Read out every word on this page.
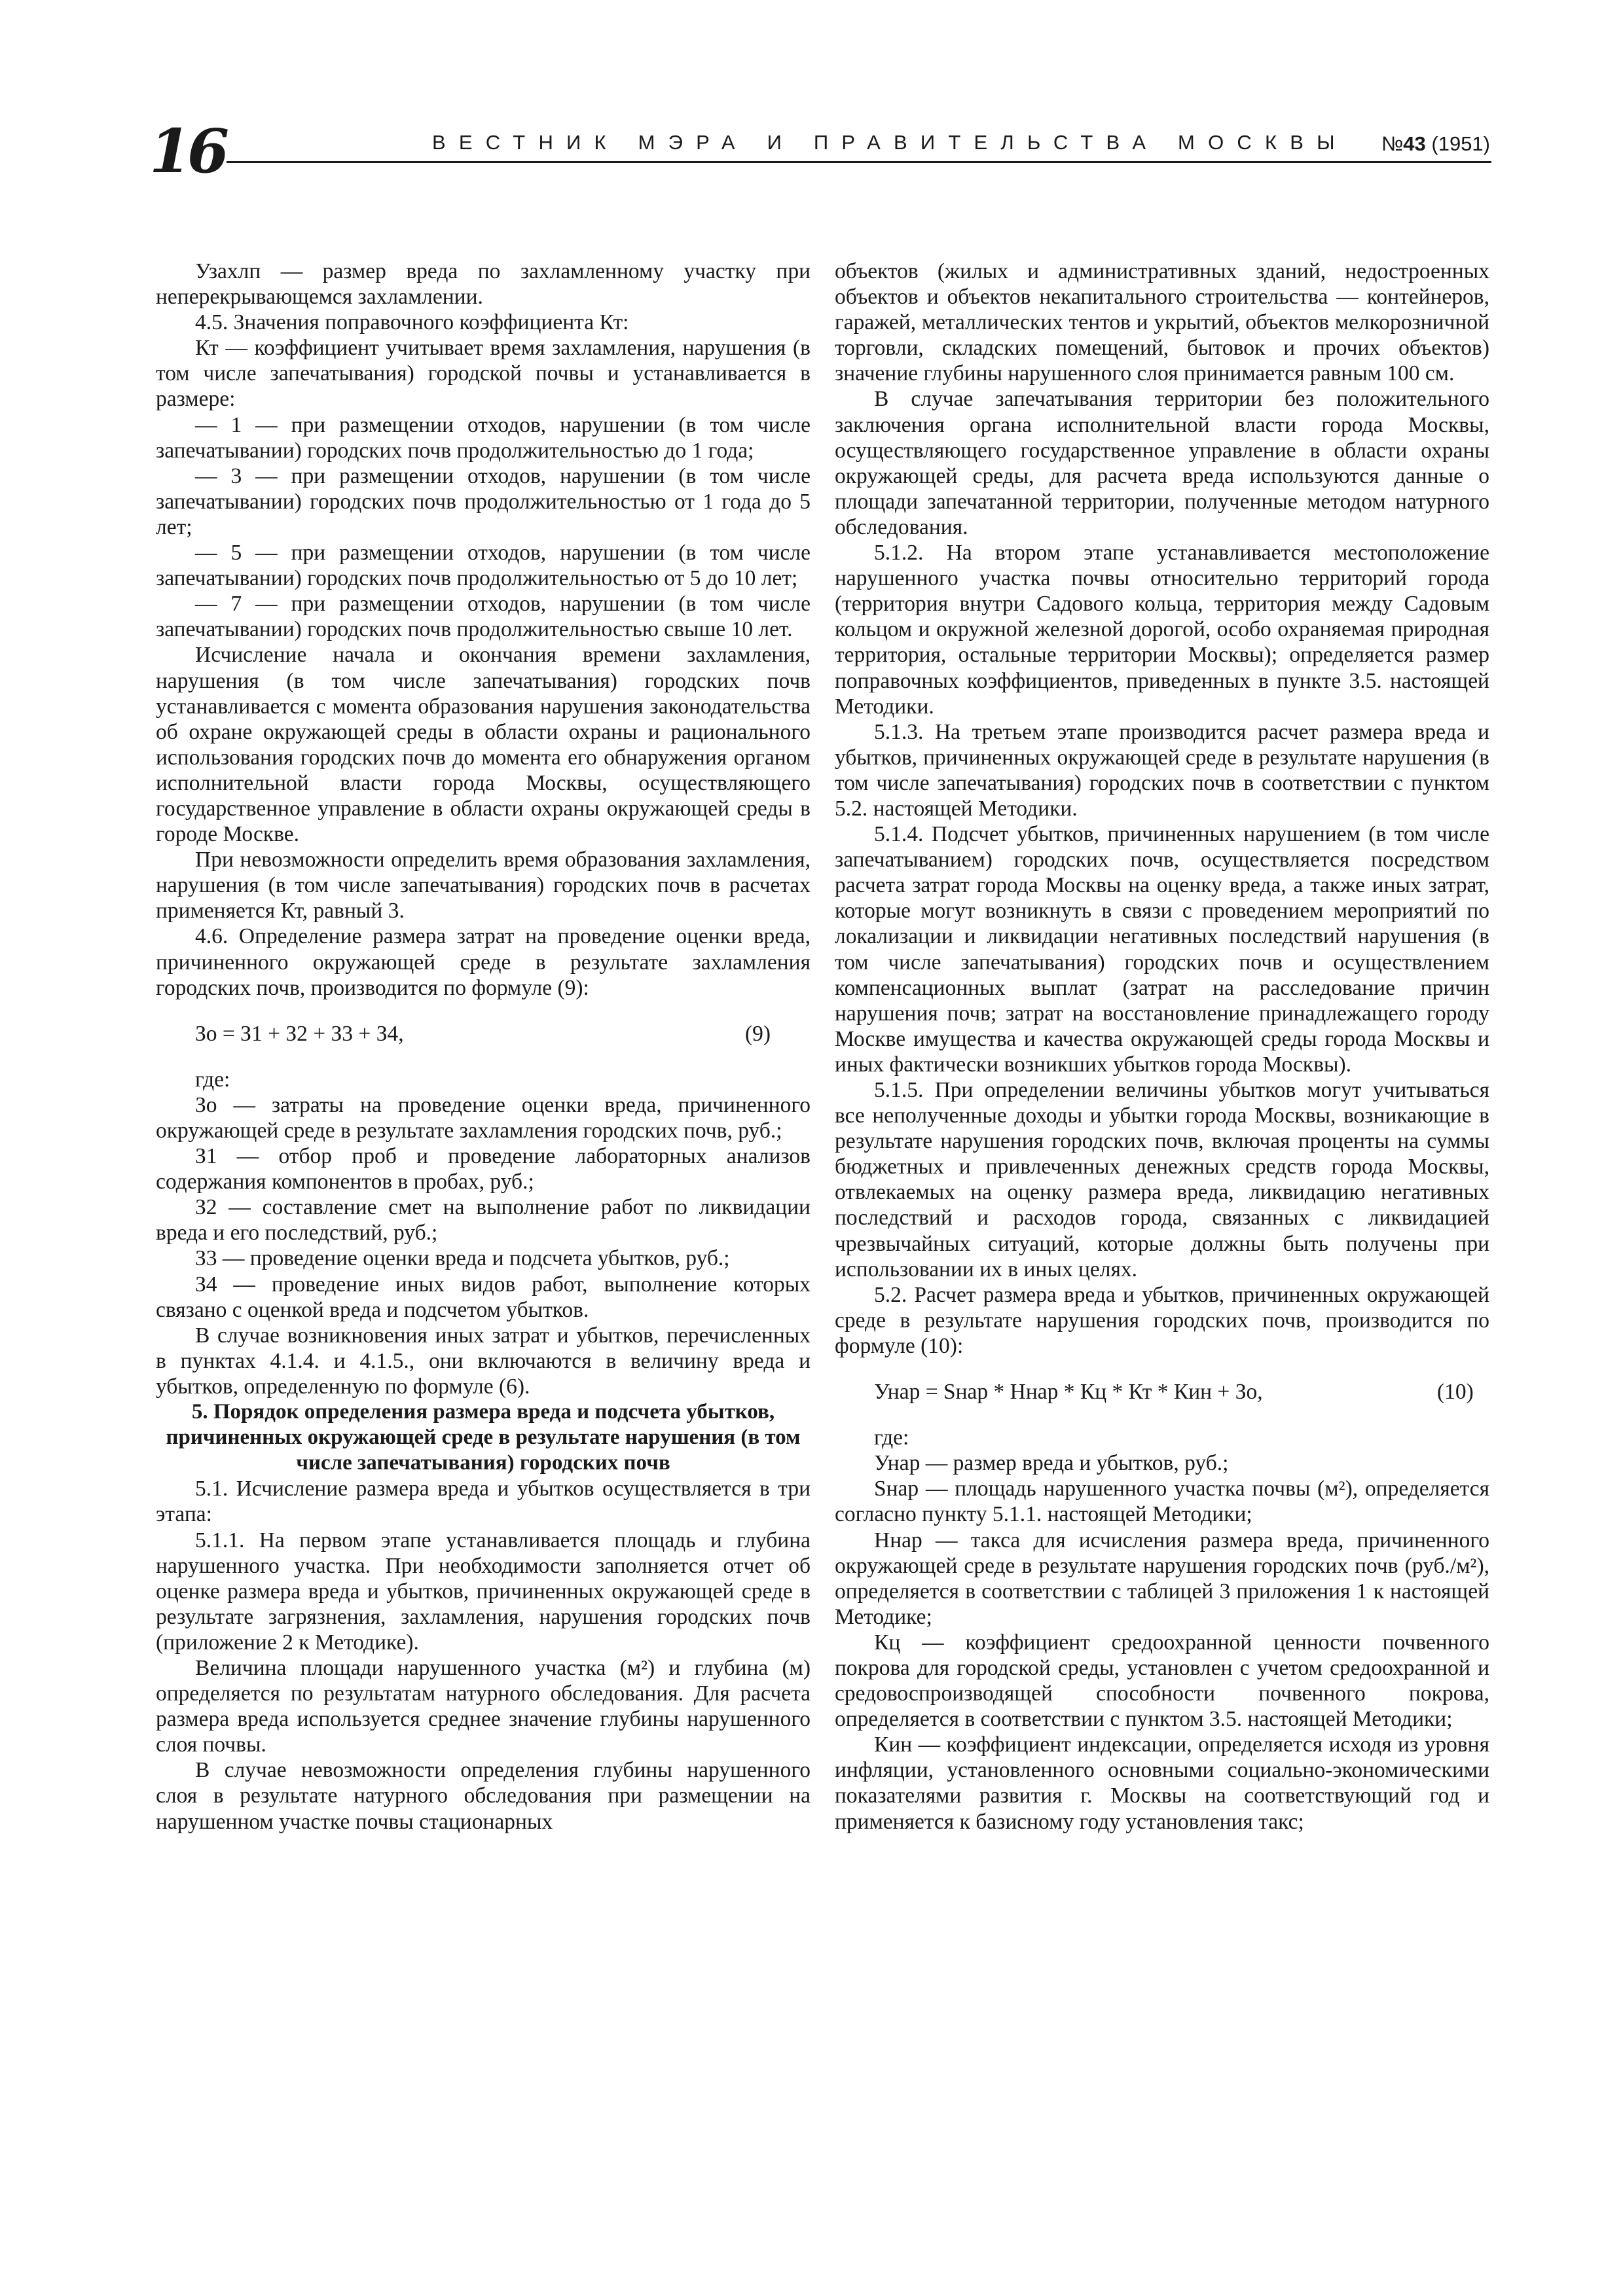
16	ВЕСТНИК МЭРА И ПРАВИТЕЛЬСТВА МОСКВЫ №43 (1951)

Узахлп — размер вреда по захламленному участку при неперекрывающемся захламлении.

4.5. Значения поправочного коэффициента Кт:

Кт — коэффициент учитывает время захламления, нарушения (в том числе запечатывания) городской почвы и устанавливается в размере:

— 1 — при размещении отходов, нарушении (в том числе запечатывании) городских почв продолжительностью до 1 года;

— 3 — при размещении отходов, нарушении (в том числе запечатывании) городских почв продолжительностью от 1 года до 5 лет;

— 5 — при размещении отходов, нарушении (в том числе запечатывании) городских почв продолжительностью от 5 до 10 лет;

— 7 — при размещении отходов, нарушении (в том числе запечатывании) городских почв продолжительностью свыше 10 лет.

Исчисление начала и окончания времени захламления, нарушения (в том числе запечатывания) городских почв устанавливается с момента образования нарушения законодательства об охране окружающей среды в области охраны и рационального использования городских почв до момента его обнаружения органом исполнительной власти города Москвы, осуществляющего государственное управление в области охраны окружающей среды в городе Москве.

При невозможности определить время образования захламления, нарушения (в том числе запечатывания) городских почв в расчетах применяется Кт, равный 3.

4.6. Определение размера затрат на проведение оценки вреда, причиненного окружающей среде в результате захламления городских почв, производится по формуле (9):

Зо = З1 + З2 + З3 + З4,	(9)

где:

Зо — затраты на проведение оценки вреда, причиненного окружающей среде в результате захламления городских почв, руб.;

З1 — отбор проб и проведение лабораторных анализов содержания компонентов в пробах, руб.;

З2 — составление смет на выполнение работ по ликвидации вреда и его последствий, руб.;

З3 — проведение оценки вреда и подсчета убытков, руб.;

З4 — проведение иных видов работ, выполнение которых связано с оценкой вреда и подсчетом убытков.

В случае возникновения иных затрат и убытков, перечисленных в пунктах 4.1.4. и 4.1.5., они включаются в величину вреда и убытков, определенную по формуле (6).

5. Порядок определения размера вреда и подсчета убытков, причиненных окружающей среде в результате нарушения (в том числе запечатывания) городских почв

5.1. Исчисление размера вреда и убытков осуществляется в три этапа:

5.1.1. На первом этапе устанавливается площадь и глубина нарушенного участка. При необходимости заполняется отчет об оценке размера вреда и убытков, причиненных окружающей среде в результате загрязнения, захламления, нарушения городских почв (приложение 2 к Методике).

Величина площади нарушенного участка (м²) и глубина (м) определяется по результатам натурного обследования. Для расчета размера вреда используется среднее значение глубины нарушенного слоя почвы.

В случае невозможности определения глубины нарушенного слоя в результате натурного обследования при размещении на нарушенном участке почвы стационарных

объектов (жилых и административных зданий, недостроенных объектов и объектов некапитального строительства — контейнеров, гаражей, металлических тентов и укрытий, объектов мелкорозничной торговли, складских помещений, бытовок и прочих объектов) значение глубины нарушенного слоя принимается равным 100 см.

В случае запечатывания территории без положительного заключения органа исполнительной власти города Москвы, осуществляющего государственное управление в области охраны окружающей среды, для расчета вреда используются данные о площади запечатанной территории, полученные методом натурного обследования.

5.1.2. На втором этапе устанавливается местоположение нарушенного участка почвы относительно территорий города (территория внутри Садового кольца, территория между Садовым кольцом и окружной железной дорогой, особо охраняемая природная территория, остальные территории Москвы); определяется размер поправочных коэффициентов, приведенных в пункте 3.5. настоящей Методики.

5.1.3. На третьем этапе производится расчет размера вреда и убытков, причиненных окружающей среде в результате нарушения (в том числе запечатывания) городских почв в соответствии с пунктом 5.2. настоящей Методики.

5.1.4. Подсчет убытков, причиненных нарушением (в том числе запечатыванием) городских почв, осуществляется посредством расчета затрат города Москвы на оценку вреда, а также иных затрат, которые могут возникнуть в связи с проведением мероприятий по локализации и ликвидации негативных последствий нарушения (в том числе запечатывания) городских почв и осуществлением компенсационных выплат (затрат на расследование причин нарушения почв; затрат на восстановление принадлежащего городу Москве имущества и качества окружающей среды города Москвы и иных фактически возникших убытков города Москвы).

5.1.5. При определении величины убытков могут учитываться все неполученные доходы и убытки города Москвы, возникающие в результате нарушения городских почв, включая проценты на суммы бюджетных и привлеченных денежных средств города Москвы, отвлекаемых на оценку размера вреда, ликвидацию негативных последствий и расходов города, связанных с ликвидацией чрезвычайных ситуаций, которые должны быть получены при использовании их в иных целях.

5.2. Расчет размера вреда и убытков, причиненных окружающей среде в результате нарушения городских почв, производится по формуле (10):

Унар = Sнар * Ннар * Кц * Кт * Кин + Зо,	(10)

где:

Унар — размер вреда и убытков, руб.;

Sнар — площадь нарушенного участка почвы (м²), определяется согласно пункту 5.1.1. настоящей Методики;

Ннар — такса для исчисления размера вреда, причиненного окружающей среде в результате нарушения городских почв (руб./м²), определяется в соответствии с таблицей 3 приложения 1 к настоящей Методике;

Кц — коэффициент средоохранной ценности почвенного покрова для городской среды, установлен с учетом средоохранной и средовоспроизводящей способности почвенного покрова, определяется в соответствии с пунктом 3.5. настоящей Методики;

Кин — коэффициент индексации, определяется исходя из уровня инфляции, установленного основными социально-экономическими показателями развития г. Москвы на соответствующий год и применяется к базисному году установления такс;
